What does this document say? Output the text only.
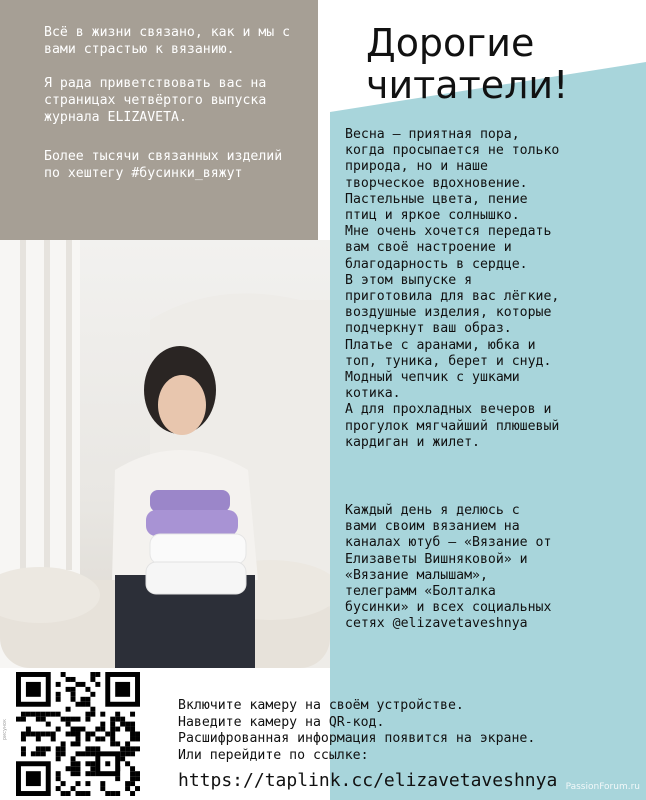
Всё в жизни связано, как и мы с вами страстью к вязанию.

Я рада приветствовать вас на страницах четвёртого выпуска журнала ELIZAVETA.

Более тысячи связанных изделий по хештегу #бусинки_вяжут

Дорогие
читатели!

Весна – приятная пора,
когда просыпается не только
природа, но и наше
творческое вдохновение.
Пастельные цвета, пение
птиц и яркое солнышко.
Мне очень хочется передать
вам своё настроение и
благодарность в сердце.
В этом выпуске я
приготовила для вас лёгкие,
воздушные изделия, которые
подчеркнут ваш образ.
Платье с аранами, юбка и
топ, туника, берет и снуд.
Модный чепчик с ушками
котика.
А для прохладных вечеров и
прогулок мягчайший плюшевый
кардиган и жилет.

Каждый день я делюсь с
вами своим вязанием на
каналах ютуб – «Вязание от
Елизаветы Вишняковой» и
«Вязание малышам»,
телеграмм «Болталка
бусинки» и всех социальных
сетях @elizavetaveshnya

Включите камеру на своём устройстве.
Наведите камеру на QR-код.
Расшифрованная информация появится на экране.
Или перейдите по ссылке:

https://taplink.cc/elizavetaveshnya PassionForum.ru
рисунок
